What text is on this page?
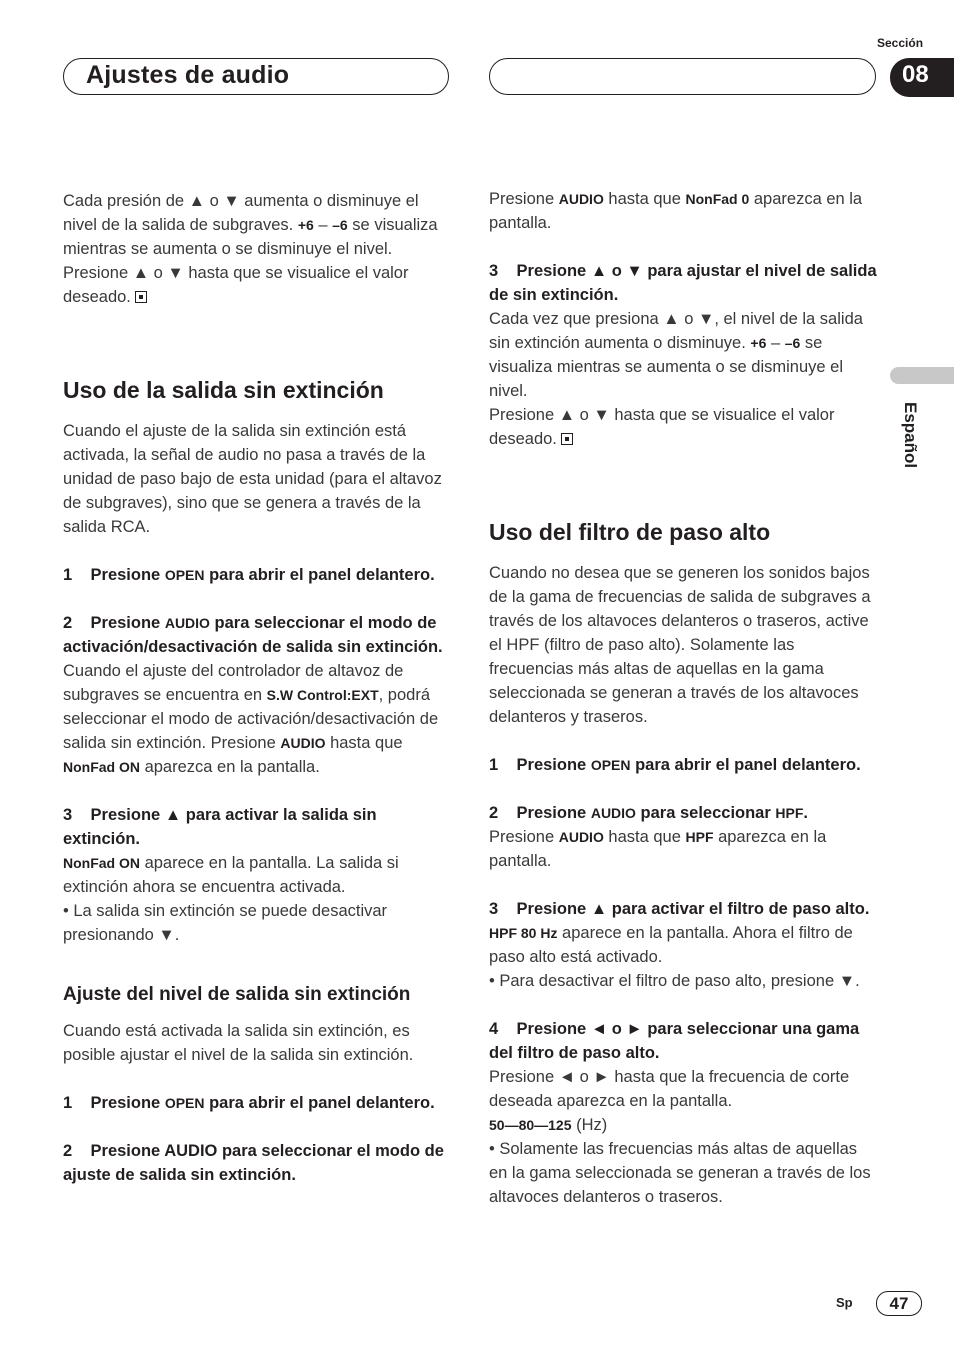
Ajustes de audio
Sección
08
Español

Cada presión de ▲ o ▼ aumenta o disminuye el nivel de la salida de subgraves. +6 – –6 se visualiza mientras se aumenta o se disminuye el nivel.

Presione ▲ o ▼ hasta que se visualice el valor deseado.

Uso de la salida sin extinción

Cuando el ajuste de la salida sin extinción está activada, la señal de audio no pasa a través de la unidad de paso bajo de esta unidad (para el altavoz de subgraves), sino que se genera a través de la salida RCA.

1 Presione OPEN para abrir el panel delantero.

2 Presione AUDIO para seleccionar el modo de activación/desactivación de salida sin extinción.

Cuando el ajuste del controlador de altavoz de subgraves se encuentra en S.W Control:EXT, podrá seleccionar el modo de activación/desactivación de salida sin extinción. Presione AUDIO hasta que NonFad ON aparezca en la pantalla.

3 Presione ▲ para activar la salida sin extinción.

NonFad ON aparece en la pantalla. La salida si extinción ahora se encuentra activada.

• La salida sin extinción se puede desactivar presionando ▼.

Ajuste del nivel de salida sin extinción

Cuando está activada la salida sin extinción, es posible ajustar el nivel de la salida sin extinción.

1 Presione OPEN para abrir el panel delantero.

2 Presione AUDIO para seleccionar el modo de ajuste de salida sin extinción.

Presione AUDIO hasta que NonFad 0 aparezca en la pantalla.

3 Presione ▲ o ▼ para ajustar el nivel de salida de sin extinción.

Cada vez que presiona ▲ o ▼, el nivel de la salida sin extinción aumenta o disminuye. +6 – –6 se visualiza mientras se aumenta o se disminuye el nivel.

Presione ▲ o ▼ hasta que se visualice el valor deseado.

Uso del filtro de paso alto

Cuando no desea que se generen los sonidos bajos de la gama de frecuencias de salida de subgraves a través de los altavoces delanteros o traseros, active el HPF (filtro de paso alto). Solamente las frecuencias más altas de aquellas en la gama seleccionada se generan a través de los altavoces delanteros y traseros.

1 Presione OPEN para abrir el panel delantero.

2 Presione AUDIO para seleccionar HPF.

Presione AUDIO hasta que HPF aparezca en la pantalla.

3 Presione ▲ para activar el filtro de paso alto.

HPF 80 Hz aparece en la pantalla. Ahora el filtro de paso alto está activado.

• Para desactivar el filtro de paso alto, presione ▼.

4 Presione ◄ o ► para seleccionar una gama del filtro de paso alto.

Presione ◄ o ► hasta que la frecuencia de corte deseada aparezca en la pantalla.

50—80—125 (Hz)

• Solamente las frecuencias más altas de aquellas en la gama seleccionada se generan a través de los altavoces delanteros o traseros.

Sp	47
